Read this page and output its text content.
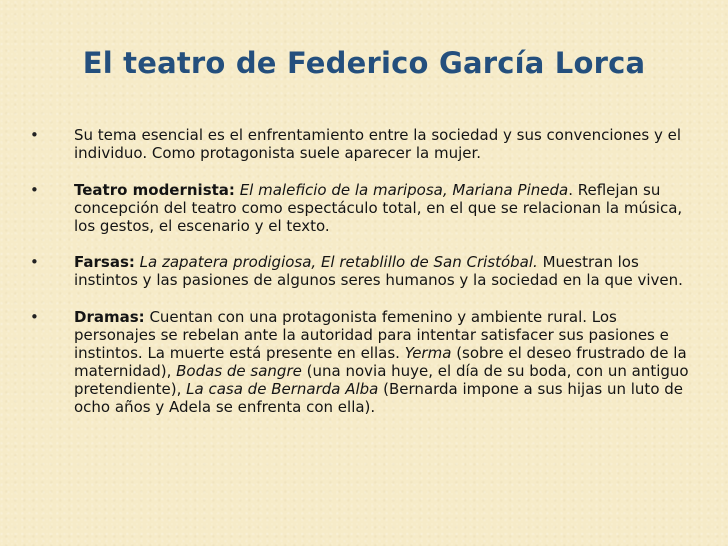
El teatro de Federico García Lorca
• Su tema esencial es el enfrentamiento entre la sociedad y sus convenciones y el individuo. Como protagonista suele aparecer la mujer.
• Teatro modernista: El maleficio de la mariposa, Mariana Pineda. Reflejan su concepción del teatro como espectáculo total, en el que se relacionan la música, los gestos, el escenario y el texto.
• Farsas: La zapatera prodigiosa, El retablillo de San Cristóbal. Muestran los instintos y las pasiones de algunos seres humanos y la sociedad en la que viven.
• Dramas: Cuentan con una protagonista femenino y ambiente rural. Los personajes se rebelan ante la autoridad para intentar satisfacer sus pasiones e instintos. La muerte está presente en ellas. Yerma (sobre el deseo frustrado de la maternidad), Bodas de sangre (una novia huye, el día de su boda, con un antiguo pretendiente), La casa de Bernarda Alba (Bernarda impone a sus hijas un luto de ocho años y Adela se enfrenta con ella).
